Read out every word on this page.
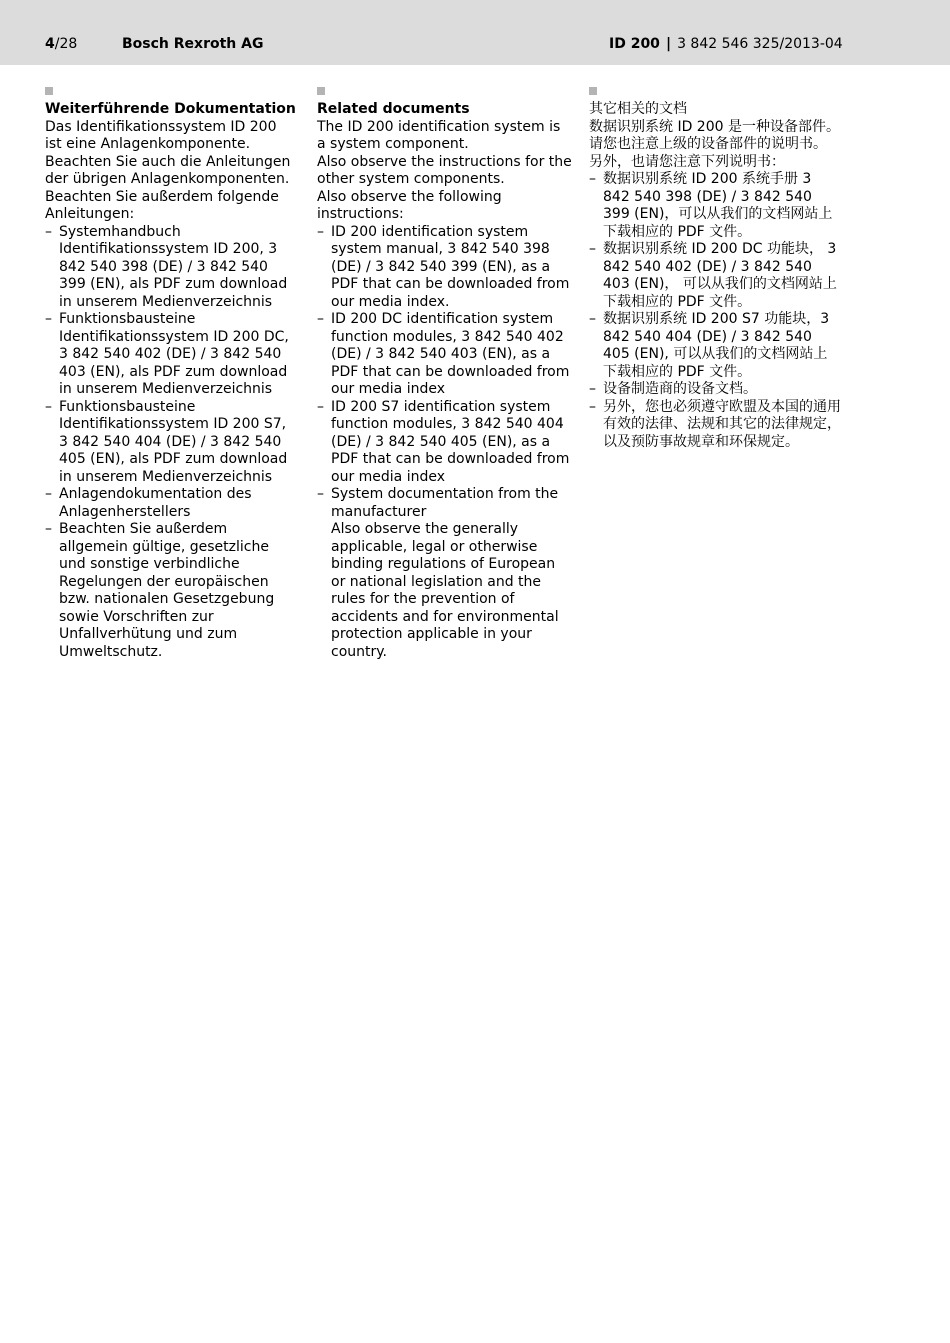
4/28	Bosch Rexroth AG	ID 200 | 3 842 546 325/2013-04

Weiterführende Dokumentation

Das Identifikationssystem ID 200 ist eine Anlagenkomponente.

Beachten Sie auch die Anleitungen der übrigen Anlagenkomponenten.

Beachten Sie außerdem folgende Anleitungen:

– Systemhandbuch Identifikationssystem ID 200, 3 842 540 398 (DE) / 3 842 540 399 (EN), als PDF zum download in unserem Medienverzeichnis
– Funktionsbausteine Identifikationssystem ID 200 DC, 3 842 540 402 (DE) / 3 842 540 403 (EN), als PDF zum download in unserem Medienverzeichnis
– Funktionsbausteine Identifikationssystem ID 200 S7, 3 842 540 404 (DE) / 3 842 540 405 (EN), als PDF zum download in unserem Medienverzeichnis
– Anlagendokumentation des Anlagenherstellers
– Beachten Sie außerdem allgemein gültige, gesetzliche und sonstige verbindliche Regelungen der europäischen bzw. nationalen Gesetzgebung sowie Vorschriften zur Unfallverhütung und zum Umweltschutz.

Related documents

The ID 200 identification system is a system component.

Also observe the instructions for the other system components.

Also observe the following instructions:

– ID 200 identification system system manual, 3 842 540 398 (DE) / 3 842 540 399 (EN), as a PDF that can be downloaded from our media index.
– ID 200 DC identification system function modules, 3 842 540 402 (DE) / 3 842 540 403 (EN), as a PDF that can be downloaded from our media index
– ID 200 S7 identification system function modules, 3 842 540 404 (DE) / 3 842 540 405 (EN), as a PDF that can be downloaded from our media index
– System documentation from the manufacturer
Also observe the generally applicable, legal or otherwise binding regulations of European or national legislation and the rules for the prevention of accidents and for environmental protection applicable in your country.

其它相关的文档

数据识别系统 ID 200 是一种设备部件。

请您也注意上级的设备部件的说明书。

另外，也请您注意下列说明书：

– 数据识别系统 ID 200 系统手册 3 842 540 398 (DE) / 3 842 540 399 (EN)，可以从我们的文档网站上下载相应的 PDF 文件。
– 数据识别系统 ID 200 DC 功能块， 3 842 540 402 (DE) / 3 842 540 403 (EN)， 可以从我们的文档网站上下载相应的 PDF 文件。
– 数据识别系统 ID 200 S7 功能块，3 842 540 404 (DE) / 3 842 540 405 (EN), 可以从我们的文档网站上下载相应的 PDF 文件。
– 设备制造商的设备文档。
– 另外，您也必须遵守欧盟及本国的通用有效的法律、法规和其它的法律规定，以及预防事故规章和环保规定。
